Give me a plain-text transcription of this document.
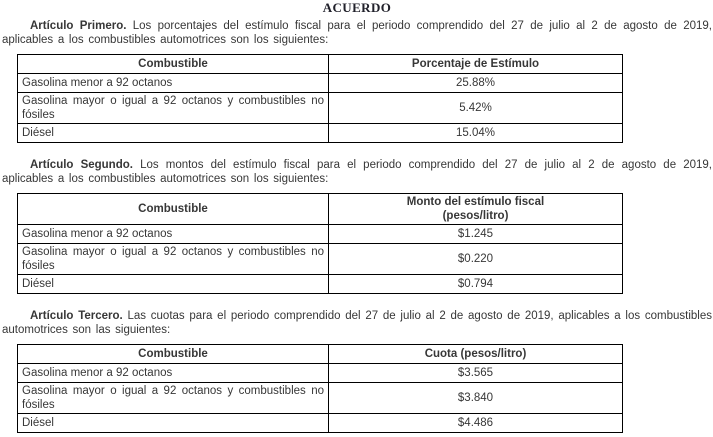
ACUERDO

Artículo Primero. Los porcentajes del estímulo fiscal para el periodo comprendido del 27 de julio al 2 de agosto de 2019, aplicables a los combustibles automotrices son los siguientes:

Combustible	Porcentaje de Estímulo

Gasolina menor a 92 octanos	25.88%
Gasolina mayor o igual a 92 octanos y combustibles no fósiles	5.42%
Diésel	15.04%

Artículo Segundo. Los montos del estímulo fiscal para el periodo comprendido del 27 de julio al 2 de agosto de 2019, aplicables a los combustibles automotrices son los siguientes:

Combustible	Monto del estímulo fiscal
(pesos/litro)

Gasolina menor a 92 octanos	$1.245
Gasolina mayor o igual a 92 octanos y combustibles no fósiles	$0.220
Diésel	$0.794

Artículo Tercero. Las cuotas para el periodo comprendido del 27 de julio al 2 de agosto de 2019, aplicables a los combustibles automotrices son las siguientes:

Combustible	Cuota (pesos/litro)

Gasolina menor a 92 octanos	$3.565
Gasolina mayor o igual a 92 octanos y combustibles no fósiles	$3.840
Diésel	$4.486
